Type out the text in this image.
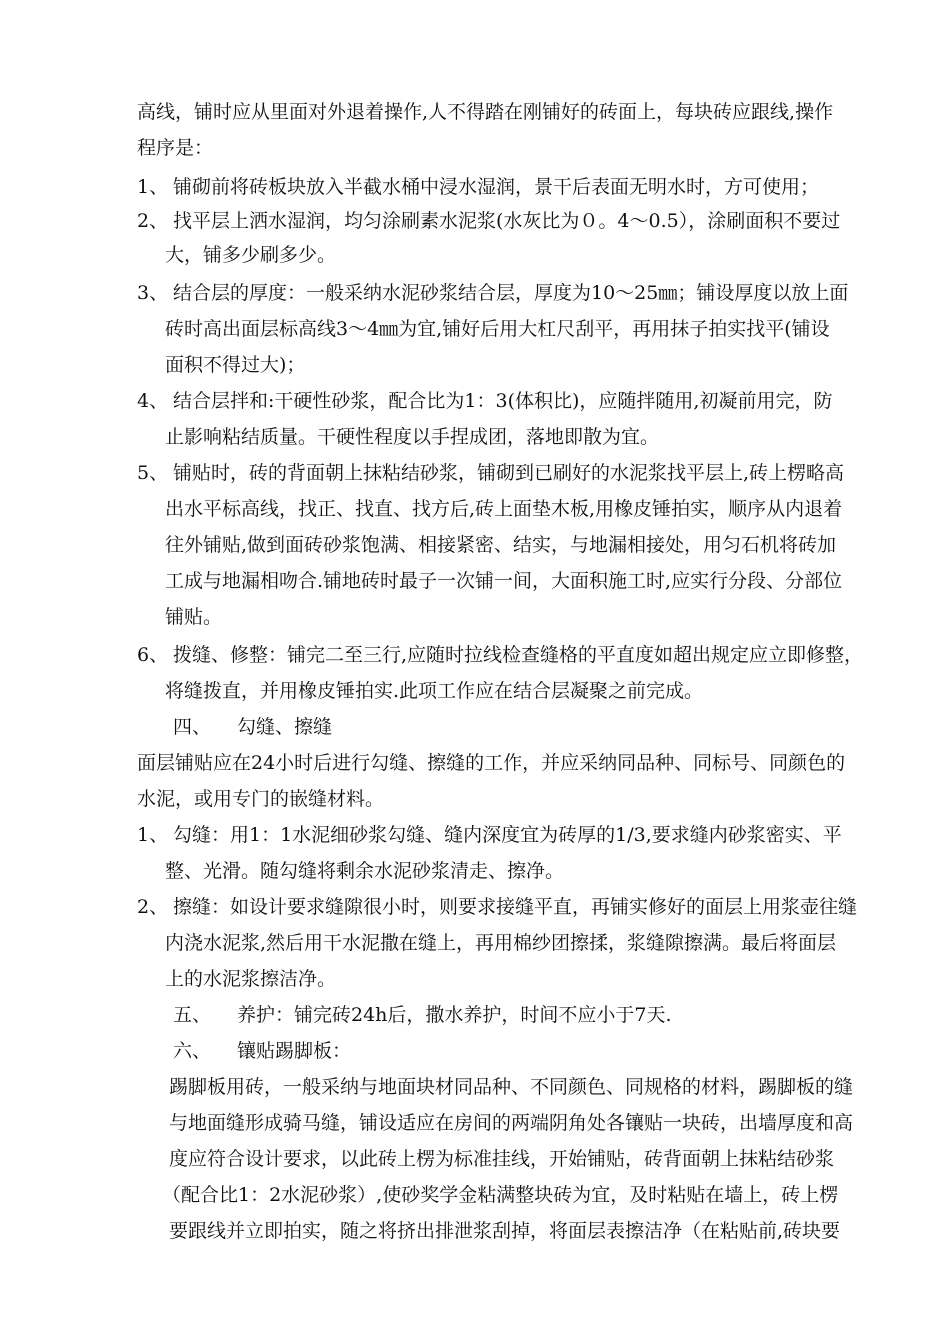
高线，铺时应从里面对外退着操作,人不得踏在刚铺好的砖面上，每块砖应跟线,操作
程序是：
1、 铺砌前将砖板块放入半截水桶中浸水湿润，景干后表面无明水时，方可使用；
2、 找平层上洒水湿润，均匀涂刷素水泥浆(水灰比为０。4～0.5），涂刷面积不要过
大，铺多少刷多少。
3、 结合层的厚度：一般采纳水泥砂浆结合层，厚度为10～25㎜；铺设厚度以放上面
砖时高出面层标高线3～4㎜为宜,铺好后用大杠尺刮平，再用抹子拍实找平(铺设
面积不得过大)；
4、 结合层拌和:干硬性砂浆，配合比为1：3(体积比)，应随拌随用,初凝前用完，防
止影响粘结质量。干硬性程度以手捏成团，落地即散为宜。
5、 铺贴时，砖的背面朝上抹粘结砂浆，铺砌到已刷好的水泥浆找平层上,砖上楞略高
出水平标高线，找正、找直、找方后,砖上面垫木板,用橡皮锤拍实，顺序从内退着
往外铺贴,做到面砖砂浆饱满、相接紧密、结实，与地漏相接处，用匀石机将砖加
工成与地漏相吻合.铺地砖时最子一次铺一间，大面积施工时,应实行分段、分部位
铺贴。
6、 拨缝、修整：铺完二至三行,应随时拉线检查缝格的平直度如超出规定应立即修整，
将缝拨直，并用橡皮锤拍实.此项工作应在结合层凝聚之前完成。
四、 勾缝、擦缝
面层铺贴应在24小时后进行勾缝、擦缝的工作，并应采纳同品种、同标号、同颜色的
水泥，或用专门的嵌缝材料。
1、 勾缝：用1：1水泥细砂浆勾缝、缝内深度宜为砖厚的1/3,要求缝内砂浆密实、平
整、光滑。随勾缝将剩余水泥砂浆清走、擦净。
2、 擦缝：如设计要求缝隙很小时，则要求接缝平直，再铺实修好的面层上用浆壶往缝
内浇水泥浆,然后用干水泥撒在缝上，再用棉纱团擦揉，浆缝隙擦满。最后将面层
上的水泥浆擦洁净。
五、 养护：铺完砖24h后，撒水养护，时间不应小于7天.
六、 镶贴踢脚板：
踢脚板用砖，一般采纳与地面块材同品种、不同颜色、同规格的材料，踢脚板的缝
与地面缝形成骑马缝，铺设适应在房间的两端阴角处各镶贴一块砖，出墙厚度和高
度应符合设计要求，以此砖上楞为标准挂线，开始铺贴，砖背面朝上抹粘结砂浆
（配合比1：2水泥砂浆）,使砂奖学金粘满整块砖为宜，及时粘贴在墙上，砖上楞
要跟线并立即拍实，随之将挤出排泄浆刮掉，将面层表擦洁净（在粘贴前,砖块要
